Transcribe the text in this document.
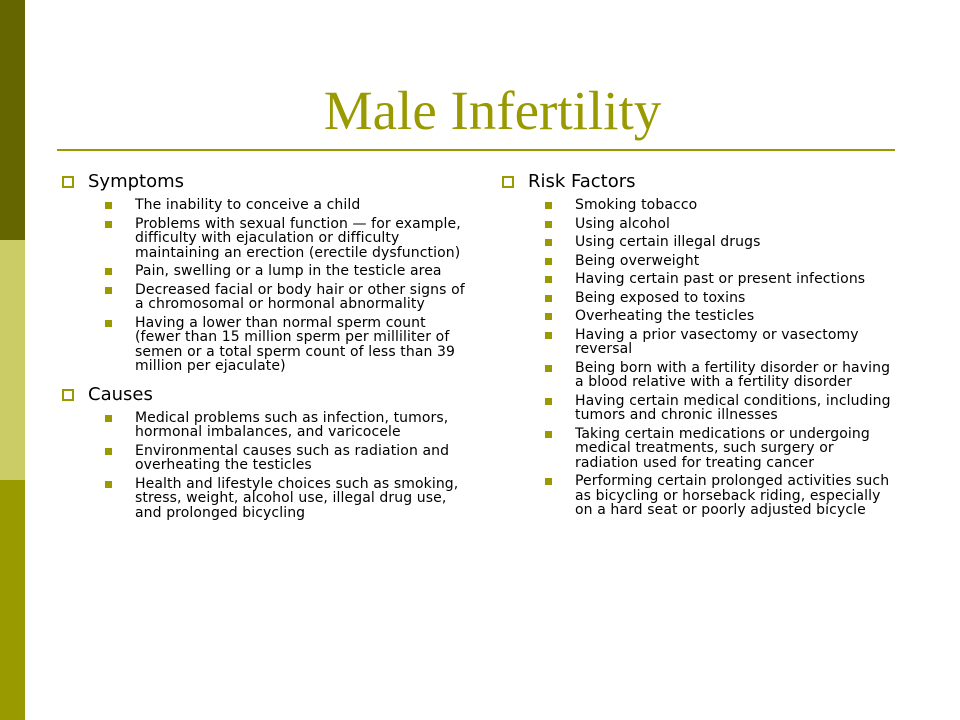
Male Infertility
Symptoms
The inability to conceive a child
Problems with sexual function — for example, difficulty with ejaculation or difficulty maintaining an erection (erectile dysfunction)
Pain, swelling or a lump in the testicle area
Decreased facial or body hair or other signs of a chromosomal or hormonal abnormality
Having a lower than normal sperm count (fewer than 15 million sperm per milliliter of semen or a total sperm count of less than 39 million per ejaculate)
Causes
Medical problems such as infection, tumors, hormonal imbalances, and varicocele
Environmental causes such as radiation and overheating the testicles
Health and lifestyle choices such as smoking, stress, weight, alcohol use, illegal drug use, and prolonged bicycling
Risk Factors
Smoking tobacco
Using alcohol
Using certain illegal drugs
Being overweight
Having certain past or present infections
Being exposed to toxins
Overheating the testicles
Having a prior vasectomy or vasectomy reversal
Being born with a fertility disorder or having a blood relative with a fertility disorder
Having certain medical conditions, including tumors and chronic illnesses
Taking certain medications or undergoing medical treatments, such surgery or radiation used for treating cancer
Performing certain prolonged activities such as bicycling or horseback riding, especially on a hard seat or poorly adjusted bicycle
